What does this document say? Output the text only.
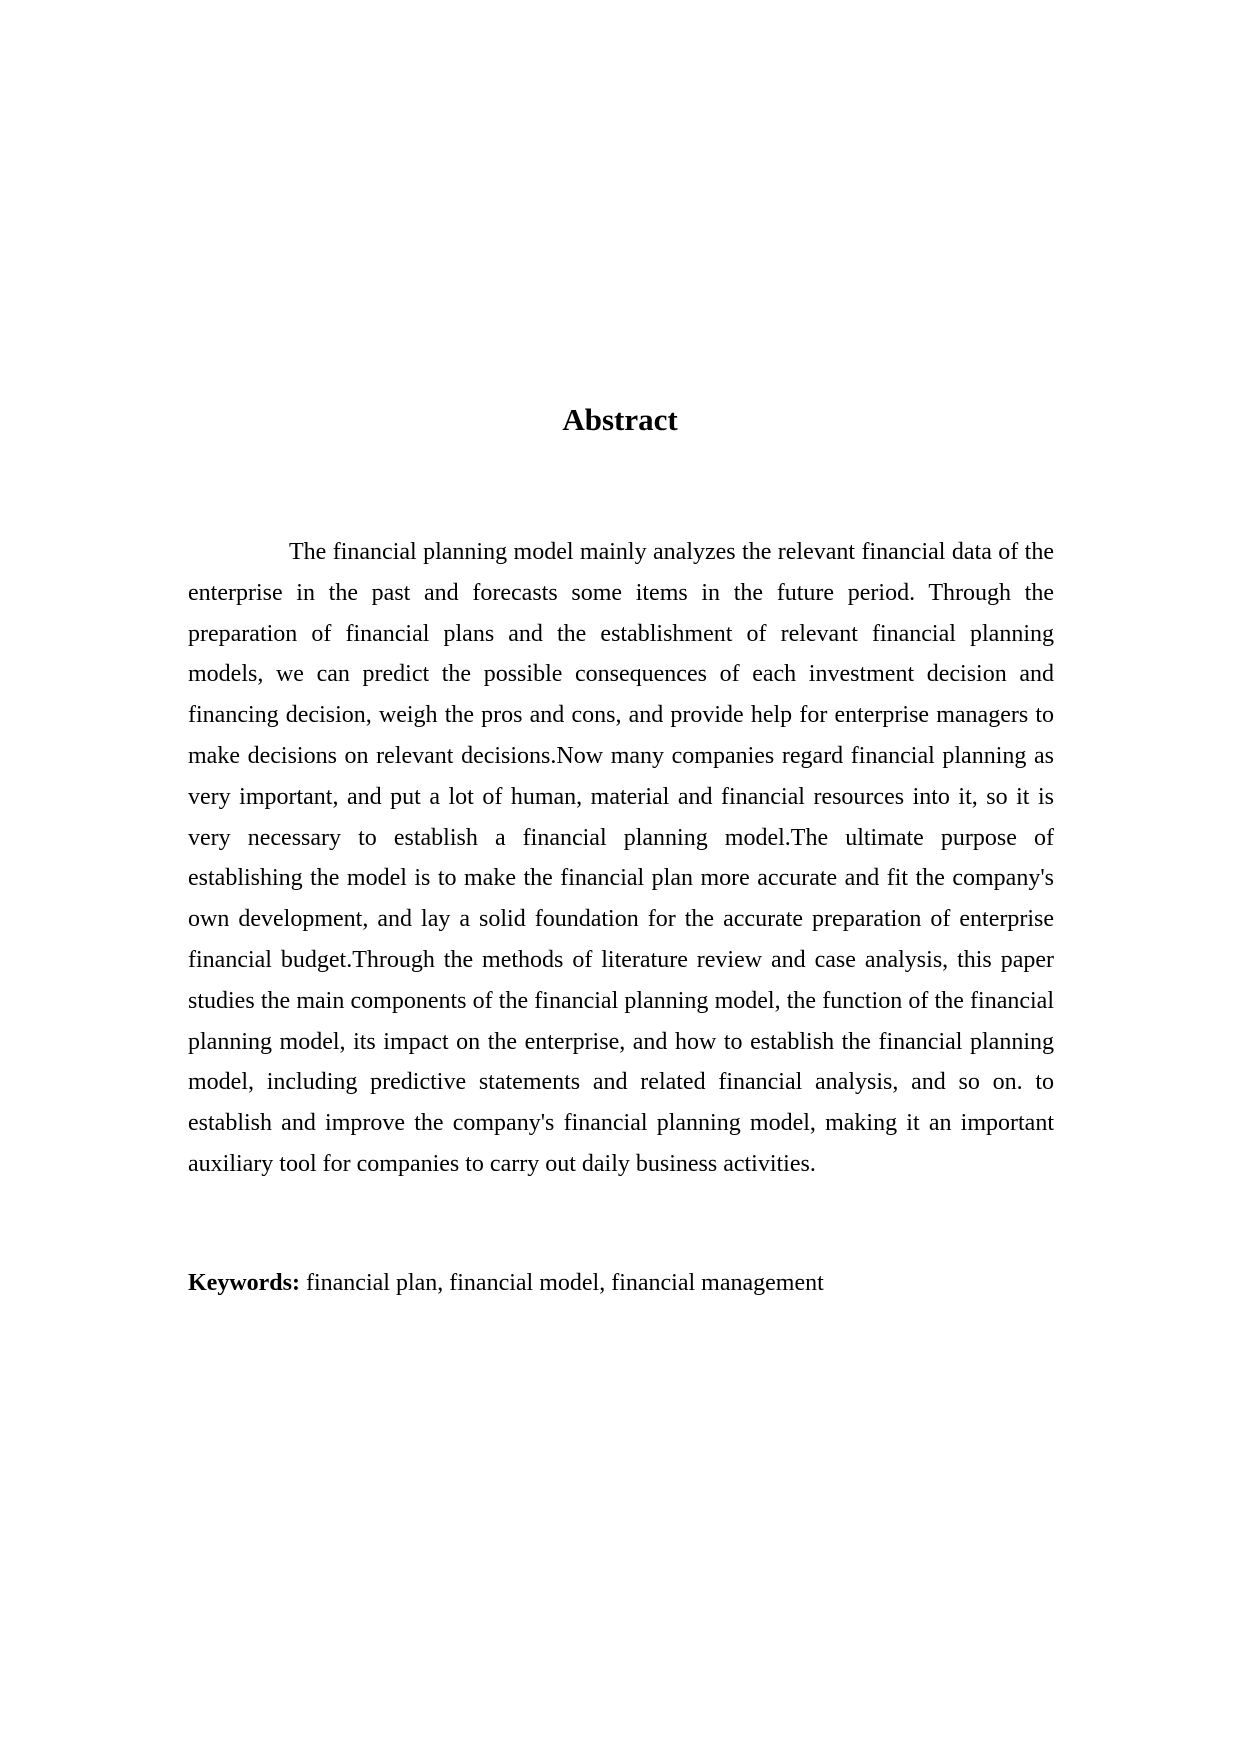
Abstract

The financial planning model mainly analyzes the relevant financial data of the enterprise in the past and forecasts some items in the future period. Through the preparation of financial plans and the establishment of relevant financial planning models, we can predict the possible consequences of each investment decision and financing decision, weigh the pros and cons, and provide help for enterprise managers to make decisions on relevant decisions.Now many companies regard financial planning as very important, and put a lot of human, material and financial resources into it, so it is very necessary to establish a financial planning model.The ultimate purpose of establishing the model is to make the financial plan more accurate and fit the company's own development, and lay a solid foundation for the accurate preparation of enterprise financial budget.Through the methods of literature review and case analysis, this paper studies the main components of the financial planning model, the function of the financial planning model, its impact on the enterprise, and how to establish the financial planning model, including predictive statements and related financial analysis, and so on. to establish and improve the company's financial planning model, making it an important auxiliary tool for companies to carry out daily business activities.

Keywords: financial plan, financial model, financial management
